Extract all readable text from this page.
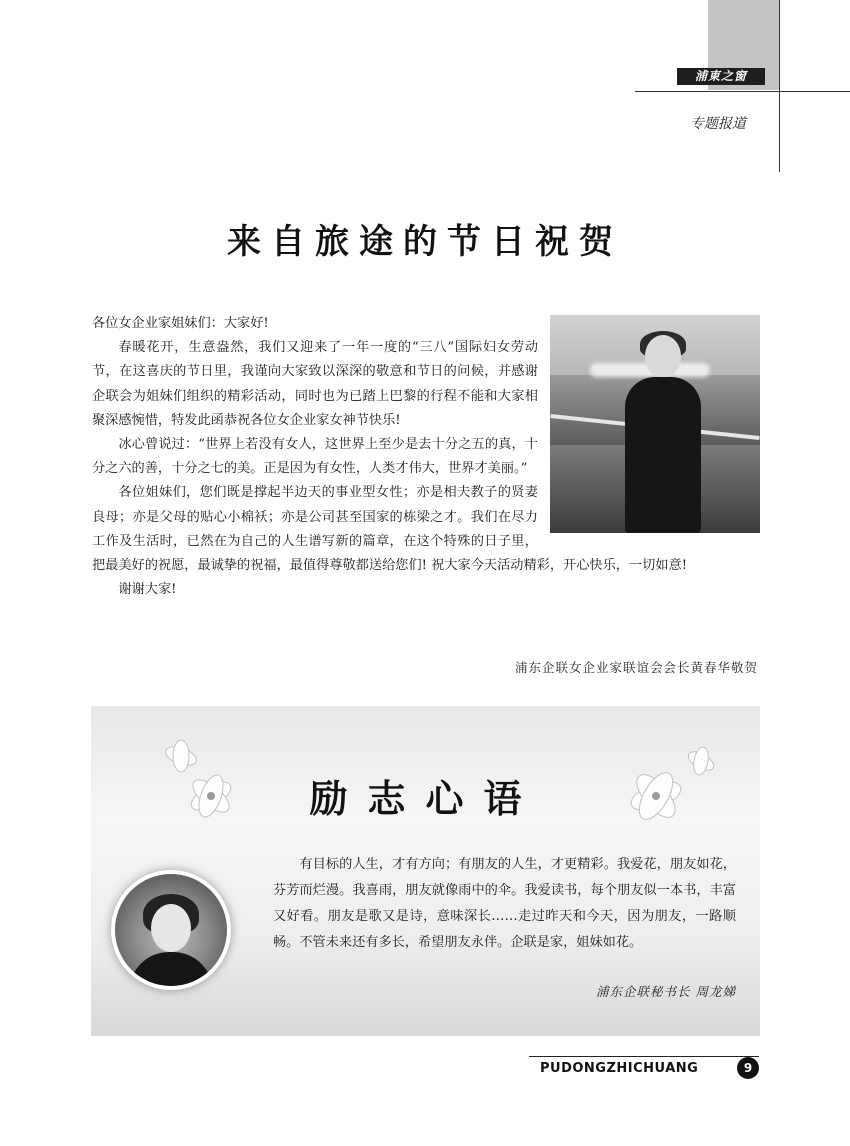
浦東之窗
专题报道
来自旅途的节日祝贺

各位女企业家姐妹们：大家好!

春暖花开，生意盎然，我们又迎来了一年一度的“三八”国际妇女劳动节，在这喜庆的节日里，我谨向大家致以深深的敬意和节日的问候，并感谢企联会为姐妹们组织的精彩活动，同时也为已踏上巴黎的行程不能和大家相聚深感惋惜，特发此函恭祝各位女企业家女神节快乐!

冰心曾说过：“世界上若没有女人，这世界上至少是去十分之五的真，十分之六的善，十分之七的美。正是因为有女性，人类才伟大，世界才美丽。”

各位姐妹们，您们既是撑起半边天的事业型女性；亦是相夫教子的贤妻良母；亦是父母的贴心小棉袄；亦是公司甚至国家的栋梁之才。我们在尽力工作及生活时，已然在为自己的人生谱写新的篇章，在这个特殊的日子里，把最美好的祝愿，最诚挚的祝福，最值得尊敬都送给您们! 祝大家今天活动精彩，开心快乐，一切如意!

谢谢大家!

浦东企联女企业家联谊会会长黄春华敬贺
励志心语

有目标的人生，才有方向；有朋友的人生，才更精彩。我爱花，朋友如花，芬芳而烂漫。我喜雨，朋友就像雨中的伞。我爱读书，每个朋友似一本书，丰富又好看。朋友是歌又是诗，意味深长……走过昨天和今天，因为朋友，一路顺畅。不管未来还有多长，希望朋友永伴。企联是家，姐妹如花。

浦东企联秘书长 周龙娣
PUDONGZHICHUANG	9
